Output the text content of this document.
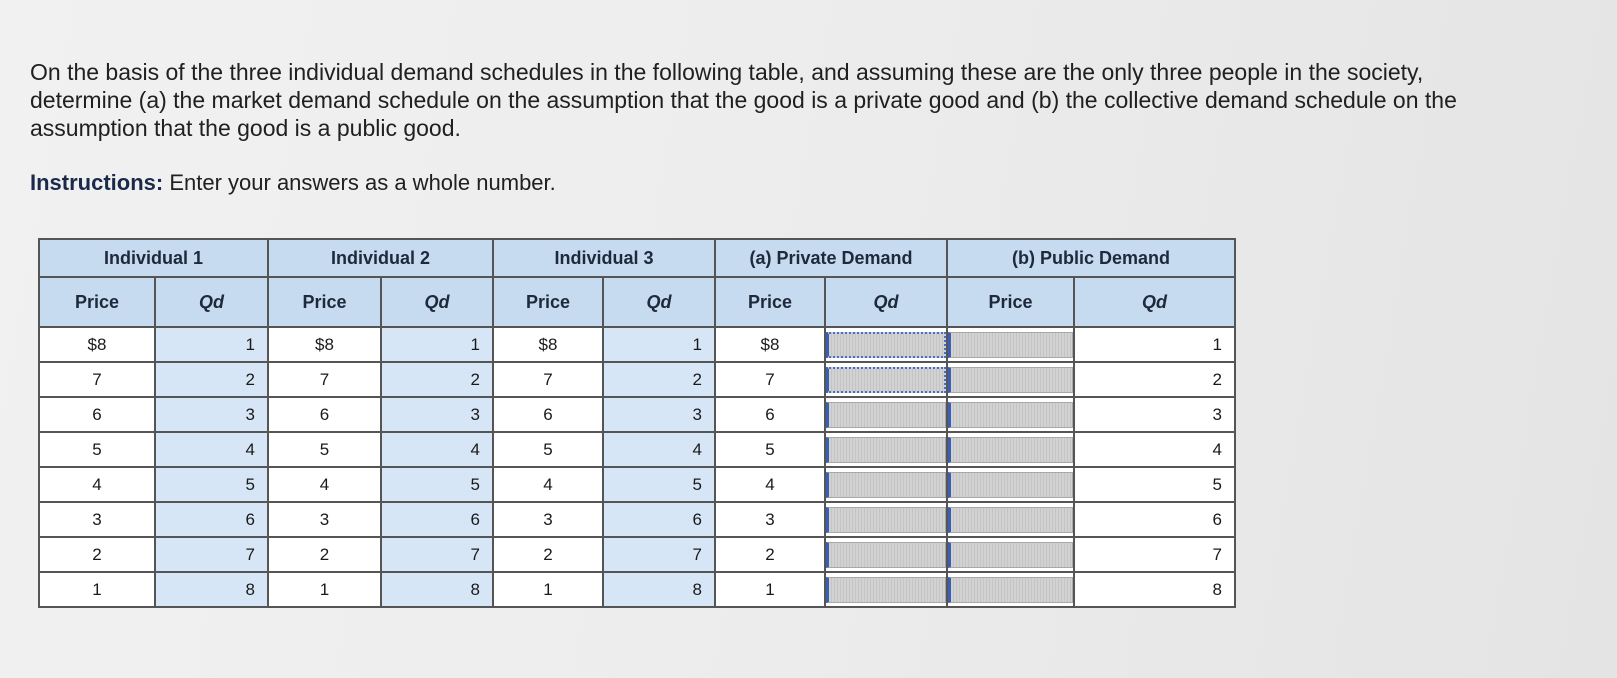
On the basis of the three individual demand schedules in the following table, and assuming these are the only three people in the society, determine (a) the market demand schedule on the assumption that the good is a private good and (b) the collective demand schedule on the assumption that the good is a public good.

Instructions: Enter your answers as a whole number.

Individual 1		Individual 2		Individual 3		(a) Private Demand		(b) Public Demand	
Price	Qd	Price	Qd	Price	Qd	Price	Qd	Price	Qd
$8	1	$8	1	$8	1	$8			1
7	2	7	2	7	2	7			2
6	3	6	3	6	3	6			3
5	4	5	4	5	4	5			4
4	5	4	5	4	5	4			5
3	6	3	6	3	6	3			6
2	7	2	7	2	7	2			7
1	8	1	8	1	8	1			8
